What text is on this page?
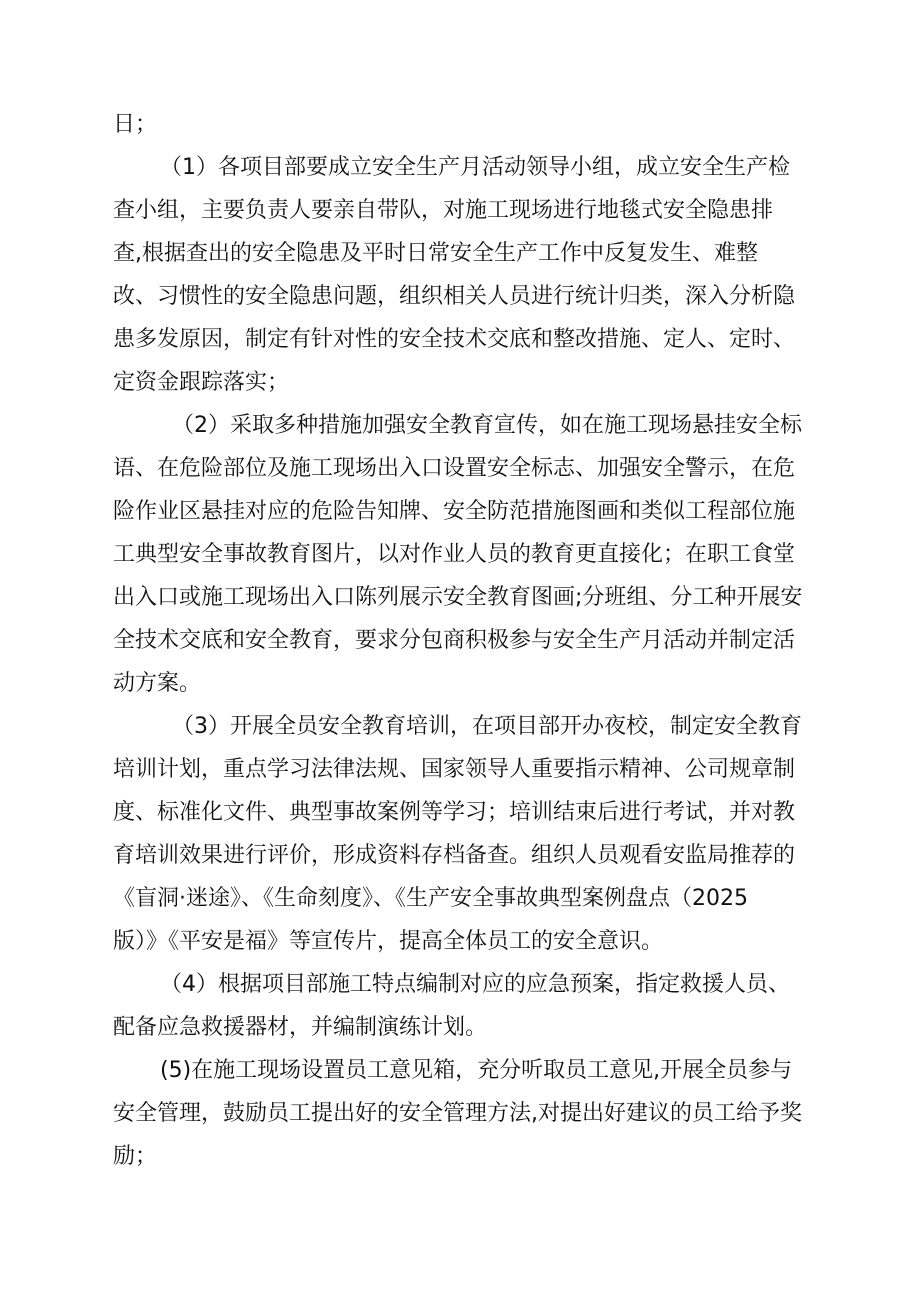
日；
（1）各项目部要成立安全生产月活动领导小组，成立安全生产检
查小组，主要负责人要亲自带队，对施工现场进行地毯式安全隐患排
查,根据查出的安全隐患及平时日常安全生产工作中反复发生、难整
改、习惯性的安全隐患问题，组织相关人员进行统计归类，深入分析隐
患多发原因，制定有针对性的安全技术交底和整改措施、定人、定时、
定资金跟踪落实；
（2）采取多种措施加强安全教育宣传，如在施工现场悬挂安全标
语、在危险部位及施工现场出入口设置安全标志、加强安全警示，在危
险作业区悬挂对应的危险告知牌、安全防范措施图画和类似工程部位施
工典型安全事故教育图片，以对作业人员的教育更直接化；在职工食堂
出入口或施工现场出入口陈列展示安全教育图画;分班组、分工种开展安
全技术交底和安全教育，要求分包商积极参与安全生产月活动并制定活
动方案。
（3）开展全员安全教育培训，在项目部开办夜校，制定安全教育
培训计划，重点学习法律法规、国家领导人重要指示精神、公司规章制
度、标准化文件、典型事故案例等学习；培训结束后进行考试，并对教
育培训效果进行评价，形成资料存档备查。组织人员观看安监局推荐的
《盲洞·迷途》、《生命刻度》、《生产安全事故典型案例盘点（2025
版）》《平安是福》等宣传片，提高全体员工的安全意识。
（4）根据项目部施工特点编制对应的应急预案，指定救援人员、
配备应急救援器材，并编制演练计划。
(5)在施工现场设置员工意见箱，充分听取员工意见,开展全员参与
安全管理，鼓励员工提出好的安全管理方法,对提出好建议的员工给予奖
励；
